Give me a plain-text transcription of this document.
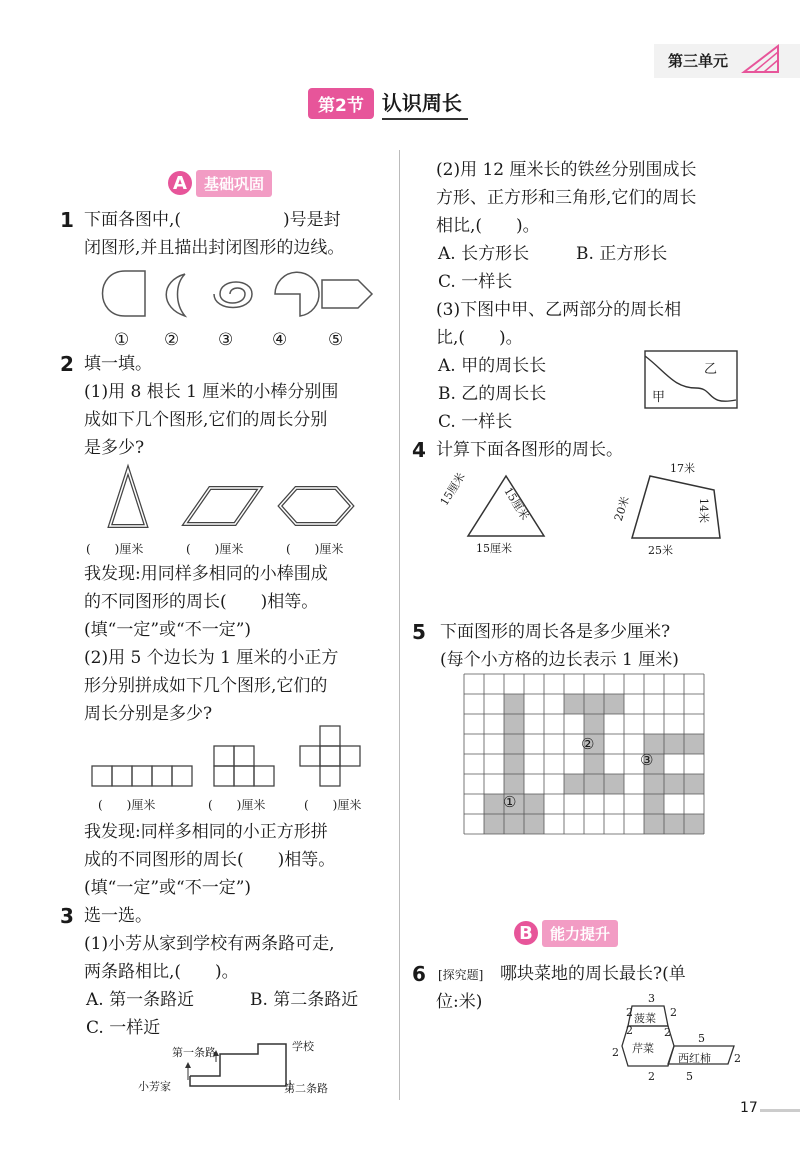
第三单元
第2节 认识周长
A	基础巩固
1 下面各图中,(　　　　　　)号是封
闭图形,并且描出封闭图形的边线。
① ② ③ ④ ⑤
2 填一填。
(1)用 8 根长 1 厘米的小棒分别围
成如下几个图形,它们的周长分别
是多少?
(　　)厘米	(　　)厘米	(　　)厘米
我发现:用同样多相同的小棒围成
的不同图形的周长(　　)相等。
(填“一定”或“不一定”)
(2)用 5 个边长为 1 厘米的小正方
形分别拼成如下几个图形,它们的
周长分别是多少?
(　　)厘米	(　　)厘米	(　　)厘米
我发现:同样多相同的小正方形拼
成的不同图形的周长(　　)相等。
(填“一定”或“不一定”)
3 选一选。
(1)小芳从家到学校有两条路可走,
两条路相比,(　　)。
A. 第一条路近	B. 第二条路近
C. 一样近
第一条路	学校
小芳家	第二条路
(2)用 12 厘米长的铁丝分别围成长
方形、正方形和三角形,它们的周长
相比,(　　)。
A. 长方形长	B. 正方形长
C. 一样长
(3)下图中甲、乙两部分的周长相
比,(　　)。
A. 甲的周长长
B. 乙的周长长
C. 一样长
乙
甲
4 计算下面各图形的周长。
15厘米	15厘米
15厘米
17米
20米	14米
25米
5 下面图形的周长各是多少厘米?
(每个小方格的边长表示 1 厘米)
①
②
③
B	能力提升
6 [探究题] 哪块菜地的周长最长?(单
位:米)
菠菜
芹菜
西红柿
3
2	2
2	2
2
5
2
2	5
17
